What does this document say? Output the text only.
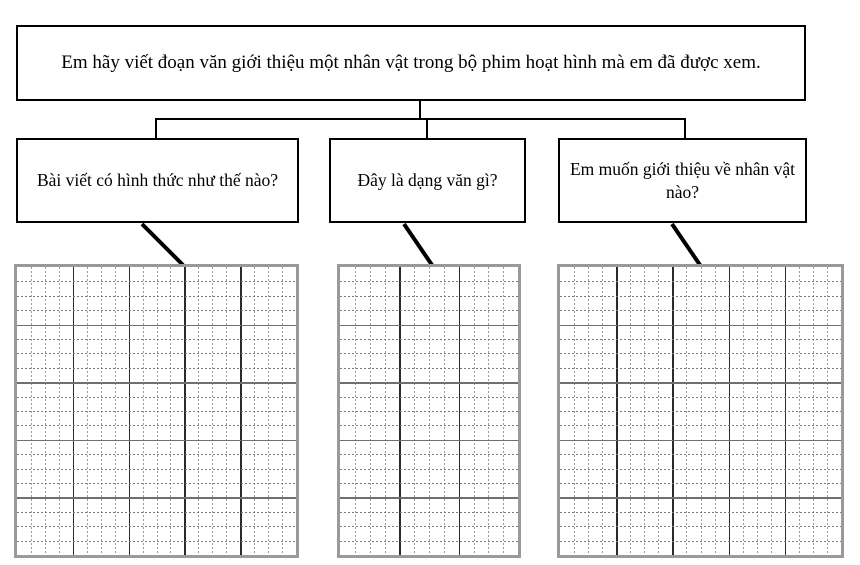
Em hãy viết đoạn văn giới thiệu một nhân vật trong bộ phim hoạt hình mà em đã được xem.
Bài viết có hình thức như thế nào?	Đây là dạng văn gì?
Em muốn giới thiệu về nhân vật nào?
